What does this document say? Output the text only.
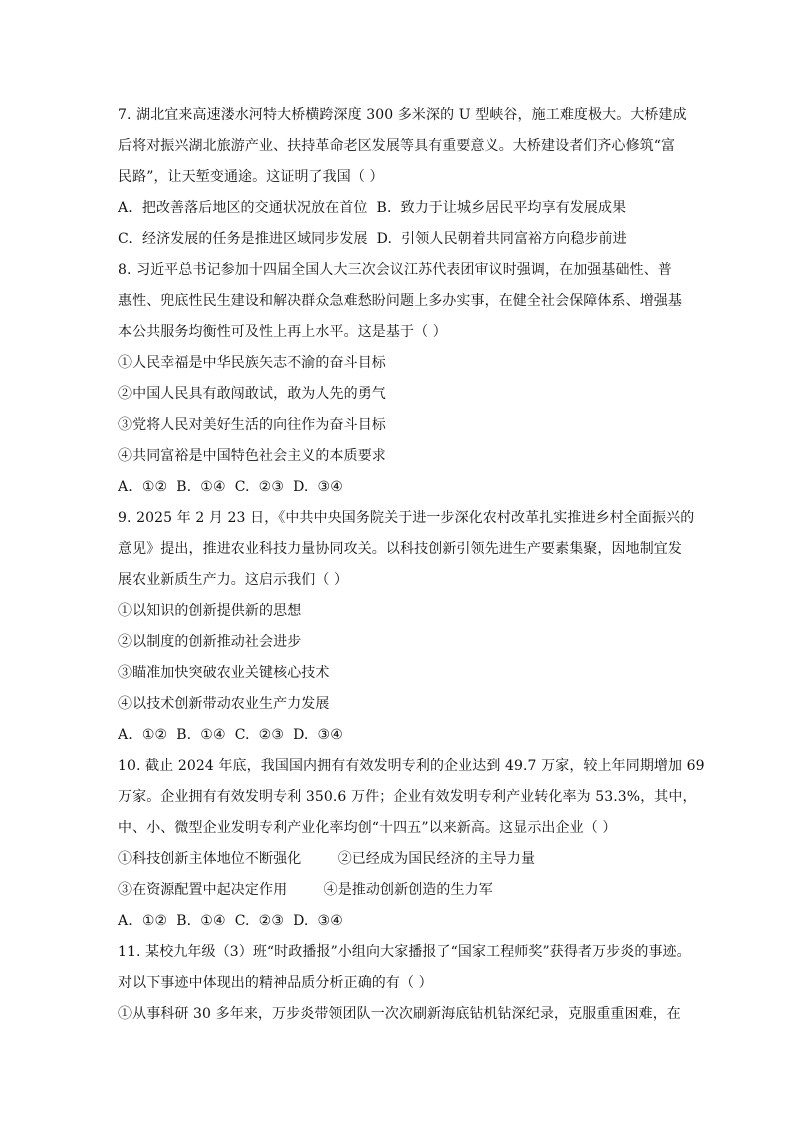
7. 湖北宜来高速溇水河特大桥横跨深度 300 多米深的 U 型峡谷，施工难度极大。大桥建成
后将对振兴湖北旅游产业、扶持革命老区发展等具有重要意义。大桥建设者们齐心修筑“富
民路”，让天堑变通途。这证明了我国（ ）
A.  把改善落后地区的交通状况放在首位  B.  致力于让城乡居民平均享有发展成果
C.  经济发展的任务是推进区域同步发展  D.  引领人民朝着共同富裕方向稳步前进
8. 习近平总书记参加十四届全国人大三次会议江苏代表团审议时强调，在加强基础性、普
惠性、兜底性民生建设和解决群众急难愁盼问题上多办实事，在健全社会保障体系、增强基
本公共服务均衡性可及性上再上水平。这是基于（ ）
①人民幸福是中华民族矢志不渝的奋斗目标
②中国人民具有敢闯敢试，敢为人先的勇气
③党将人民对美好生活的向往作为奋斗目标
④共同富裕是中国特色社会主义的本质要求
A.  ①②  B.  ①④  C.  ②③  D.  ③④
9. 2025 年 2 月 23 日，《中共中央国务院关于进一步深化农村改革扎实推进乡村全面振兴的
意见》提出，推进农业科技力量协同攻关。以科技创新引领先进生产要素集聚，因地制宜发
展农业新质生产力。这启示我们（ ）
①以知识的创新提供新的思想
②以制度的创新推动社会进步
③瞄准加快突破农业关键核心技术
④以技术创新带动农业生产力发展
A.  ①②  B.  ①④  C.  ②③  D.  ③④
10. 截止 2024 年底，我国国内拥有有效发明专利的企业达到 49.7 万家，较上年同期增加 69
万家。企业拥有有效发明专利 350.6 万件；企业有效发明专利产业转化率为 53.3%，其中，
中、小、微型企业发明专利产业化率均创“十四五”以来新高。这显示出企业（ ）
①科技创新主体地位不断强化        ②已经成为国民经济的主导力量
③在资源配置中起决定作用        ④是推动创新创造的生力军
A.  ①②  B.  ①④  C.  ②③  D.  ③④
11. 某校九年级（3）班“时政播报”小组向大家播报了“国家工程师奖”获得者万步炎的事迹。
对以下事迹中体现出的精神品质分析正确的有（ ）
①从事科研 30 多年来，万步炎带领团队一次次刷新海底钻机钻深纪录，克服重重困难，在
